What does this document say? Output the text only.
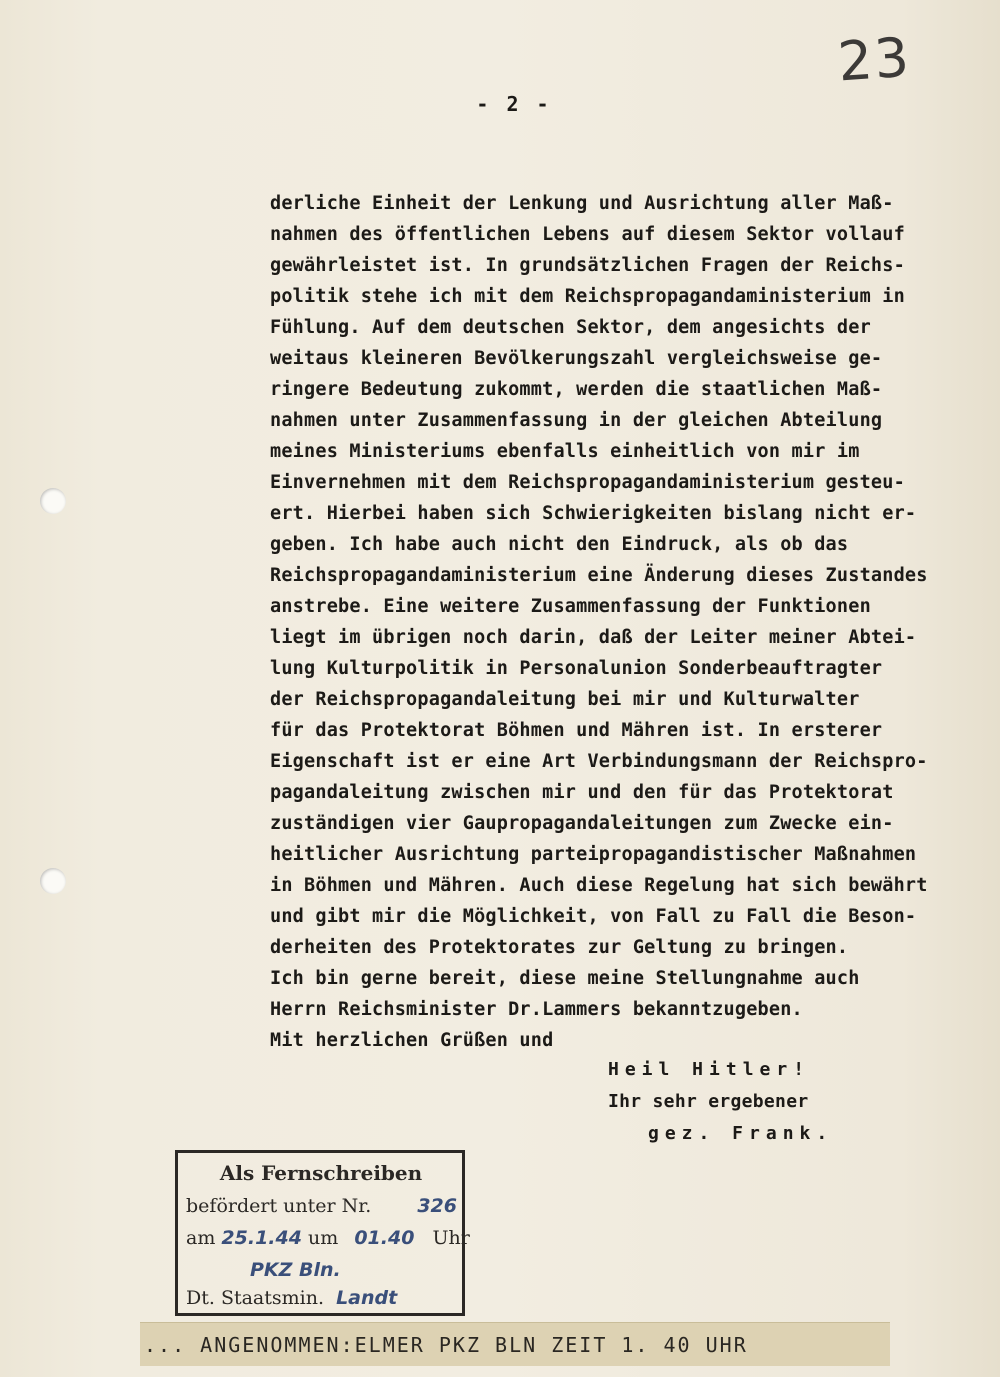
23
- 2 -
derliche Einheit der Lenkung und Ausrichtung aller Maß-
nahmen des öffentlichen Lebens auf diesem Sektor vollauf
gewährleistet ist. In grundsätzlichen Fragen der Reichs-
politik stehe ich mit dem Reichspropagandaministerium in
Fühlung. Auf dem deutschen Sektor, dem angesichts der
weitaus kleineren Bevölkerungszahl vergleichsweise ge-
ringere Bedeutung zukommt, werden die staatlichen Maß-
nahmen unter Zusammenfassung in der gleichen Abteilung
meines Ministeriums ebenfalls einheitlich von mir im
Einvernehmen mit dem Reichspropagandaministerium gesteu-
ert. Hierbei haben sich Schwierigkeiten bislang nicht er-
geben. Ich habe auch nicht den Eindruck, als ob das
Reichspropagandaministerium eine Änderung dieses Zustandes
anstrebe. Eine weitere Zusammenfassung der Funktionen
liegt im übrigen noch darin, daß der Leiter meiner Abtei-
lung Kulturpolitik in Personalunion Sonderbeauftragter
der Reichspropagandaleitung bei mir und Kulturwalter
für das Protektorat Böhmen und Mähren ist. In ersterer
Eigenschaft ist er eine Art Verbindungsmann der Reichspro-
pagandaleitung zwischen mir und den für das Protektorat
zuständigen vier Gaupropagandaleitungen zum Zwecke ein-
heitlicher Ausrichtung parteipropagandistischer Maßnahmen
in Böhmen und Mähren. Auch diese Regelung hat sich bewährt
und gibt mir die Möglichkeit, von Fall zu Fall die Beson-
derheiten des Protektorates zur Geltung zu bringen.
Ich bin gerne bereit, diese meine Stellungnahme auch
Herrn Reichsminister Dr.Lammers bekanntzugeben.
Mit herzlichen Grüßen und
Heil Hitler!
Ihr sehr ergebener
gez. Frank.
Als Fernschreiben
befördert unter Nr. 326
am 25.1.44 um 01.40 Uhr
PKZ Bln.
Dt. Staatsmin. Landt
... ANGENOMMEN:ELMER PKZ BLN ZEIT 1. 40 UHR
